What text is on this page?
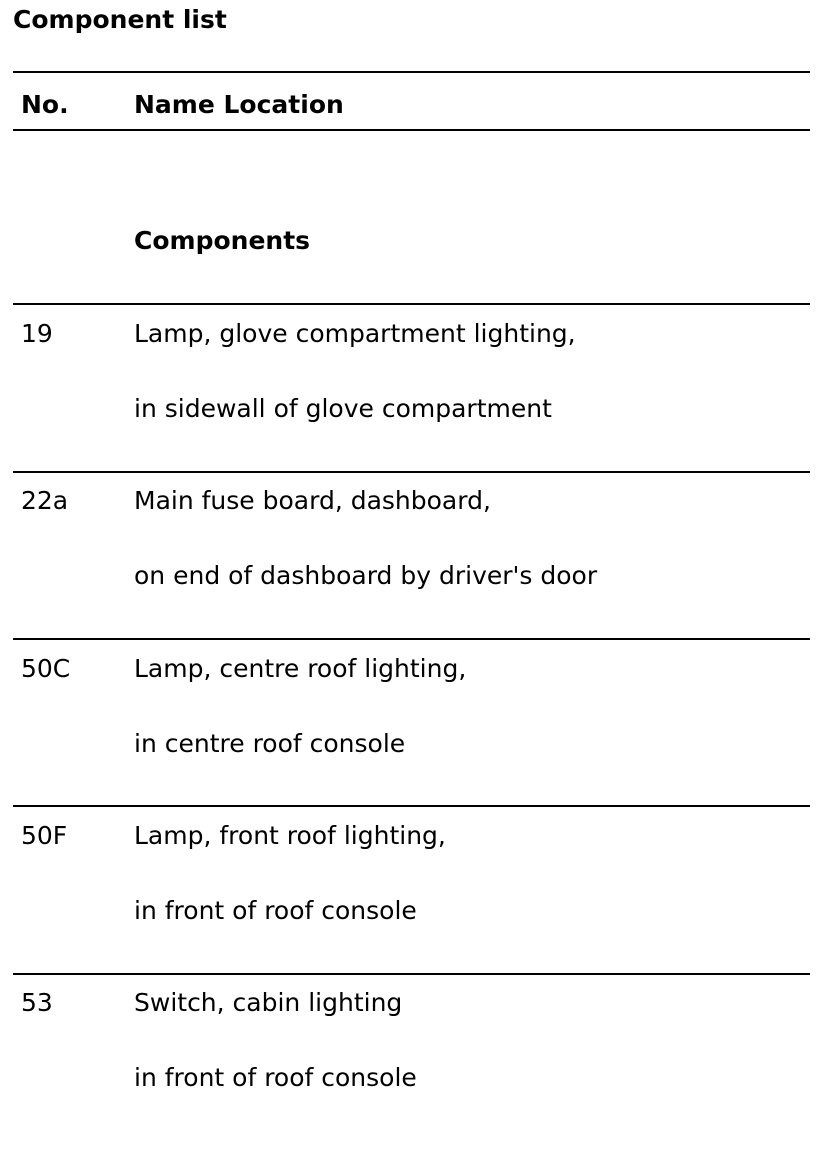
Component list
No.	Name Location
Components
19	Lamp, glove compartment lighting,
in sidewall of glove compartment
22a	Main fuse board, dashboard,
on end of dashboard by driver's door
50C	Lamp, centre roof lighting,
in centre roof console
50F	Lamp, front roof lighting,
in front of roof console
53	Switch, cabin lighting
in front of roof console
